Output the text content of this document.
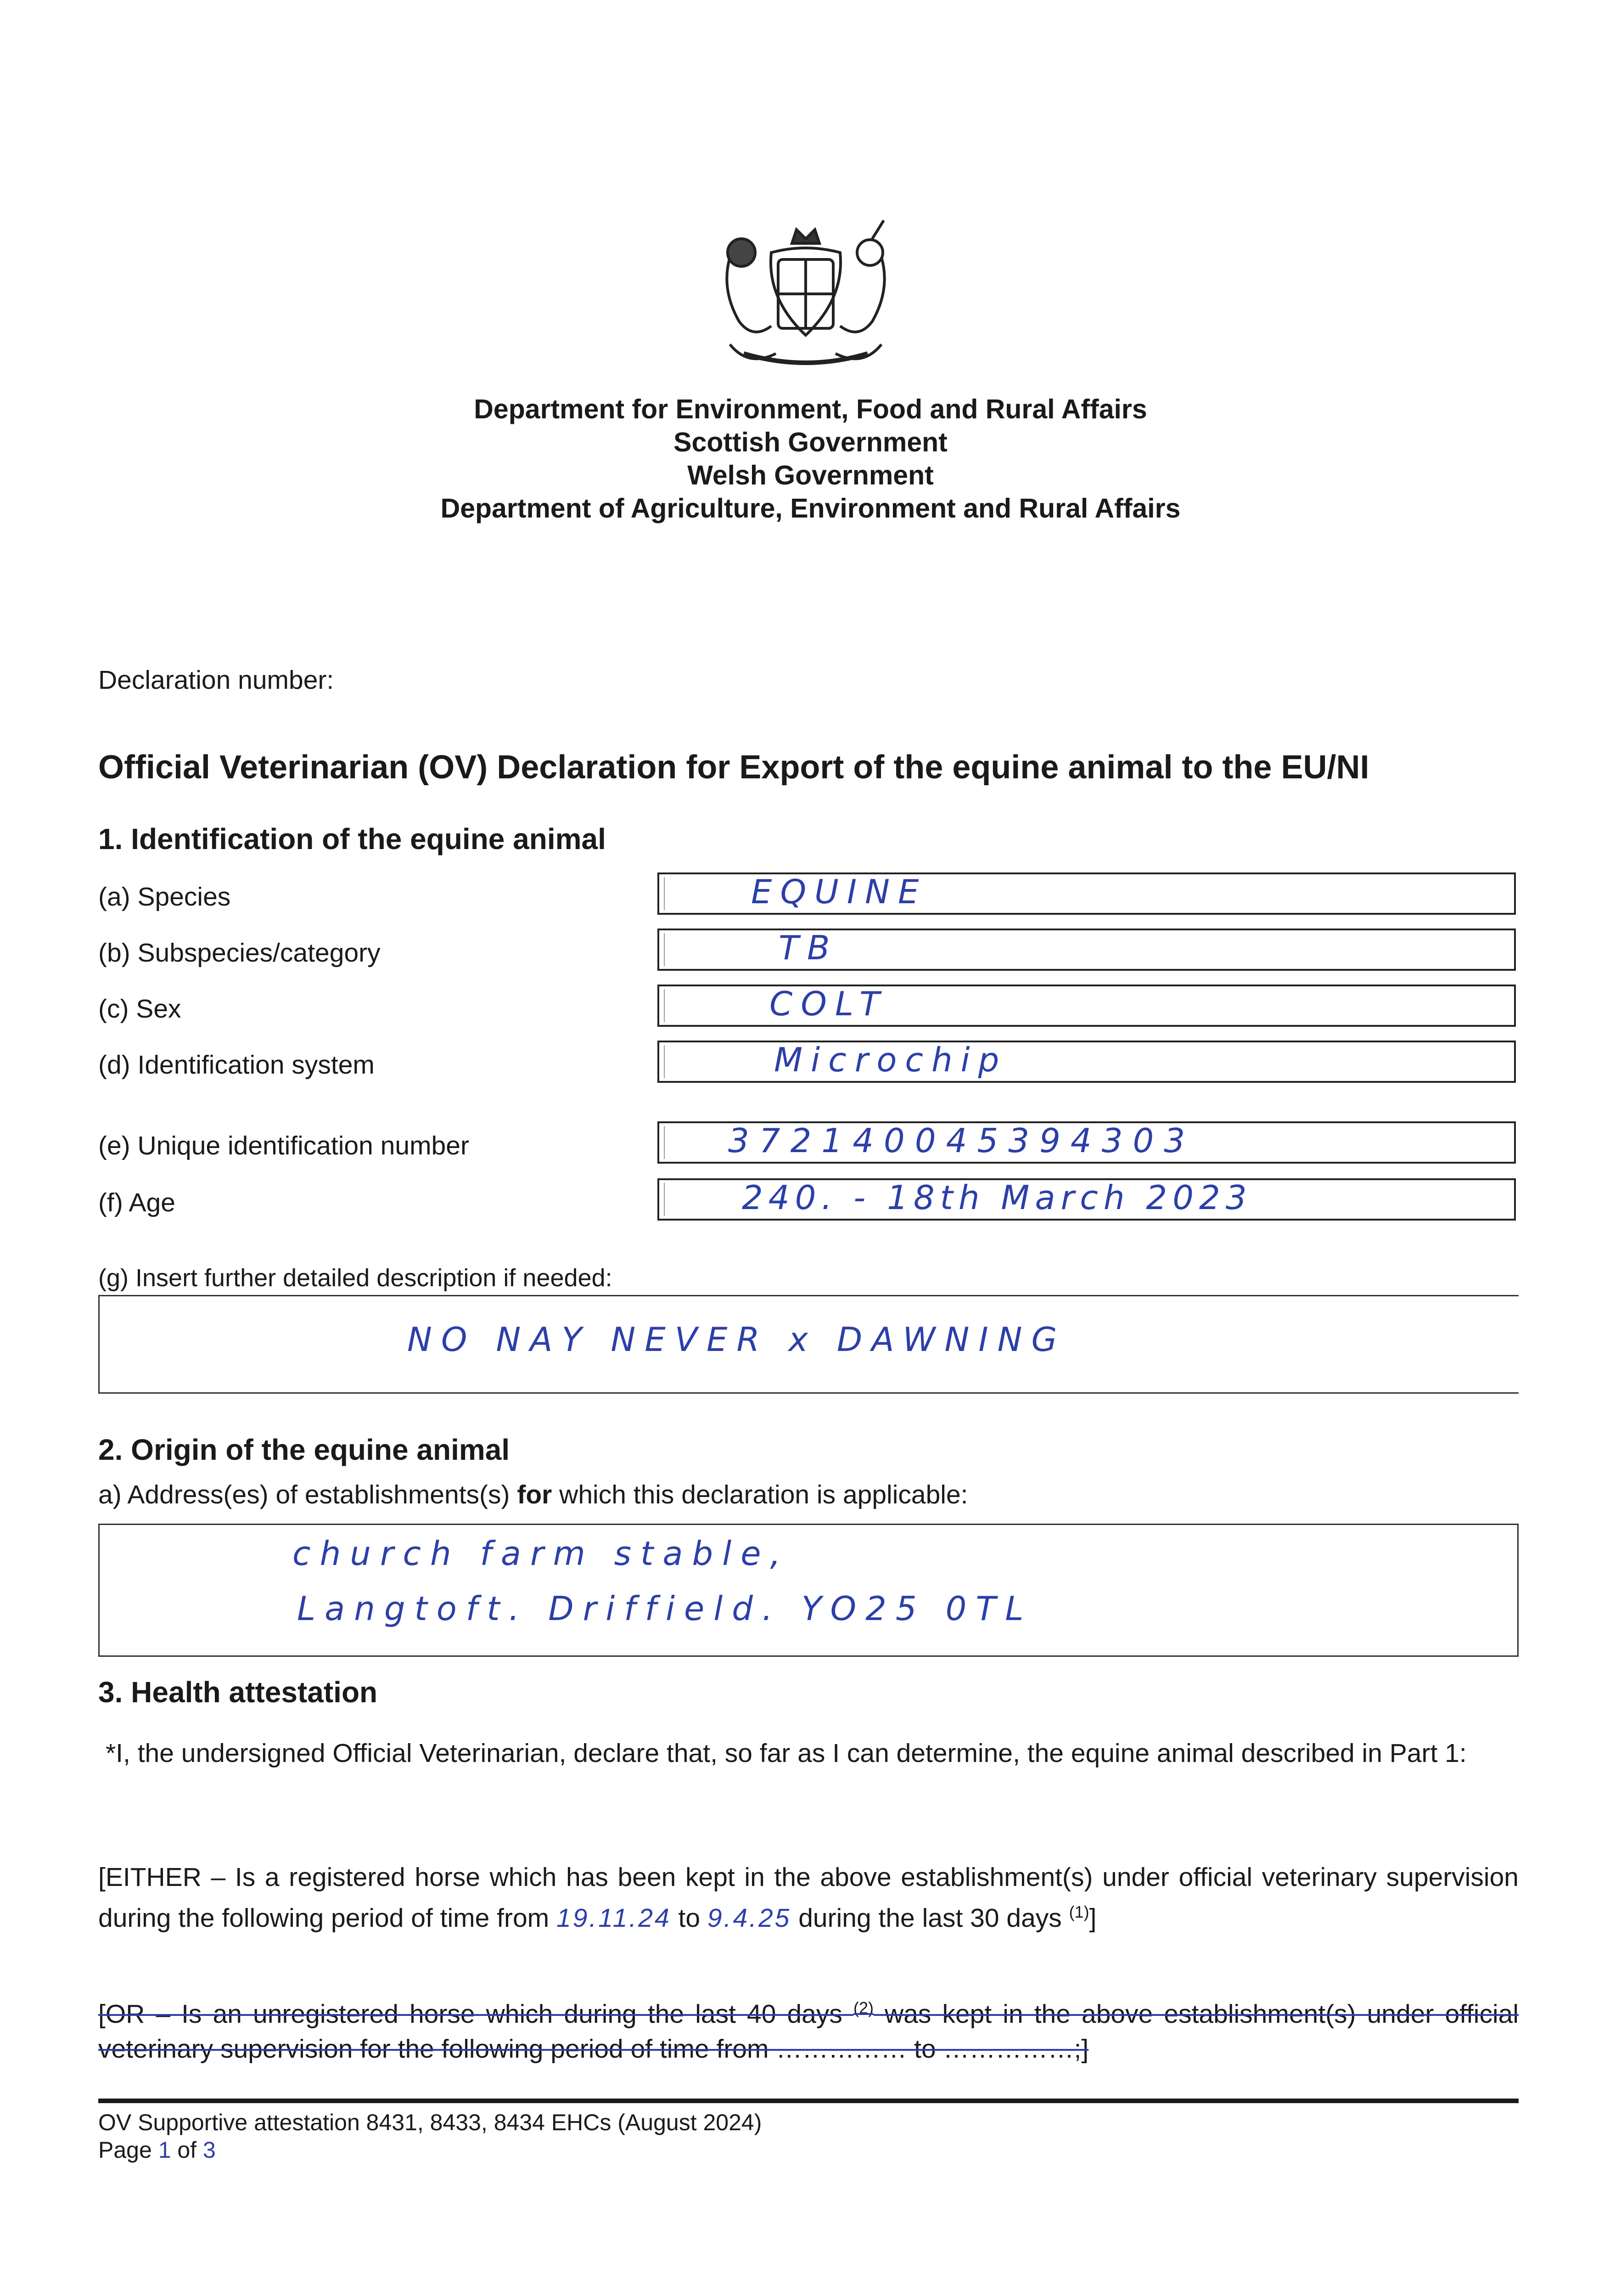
Department for Environment, Food and Rural Affairs
Scottish Government
Welsh Government
Department of Agriculture, Environment and Rural Affairs
Declaration number:
Official Veterinarian (OV) Declaration for Export of the equine animal to the EU/NI
1. Identification of the equine animal
(a) Species	EQUINE
(b) Subspecies/category	TB
(c) Sex	COLT
(d) Identification system	Microchip
(e) Unique identification number	372140045394303
(f) Age	240. - 18th March 2023
(g) Insert further detailed description if needed:
NO NAY NEVER x DAWNING
2. Origin of the equine animal
a) Address(es) of establishments(s) for which this declaration is applicable:
church farm stable,
Langtoft. Driffield. YO25 0TL
3. Health attestation
*I, the undersigned Official Veterinarian, declare that, so far as I can determine, the equine animal described in Part 1:
[EITHER – Is a registered horse which has been kept in the above establishment(s) under official veterinary supervision during the following period of time from 19.11.24 to 9.4.25 during the last 30 days $^{(1)}$]
[OR – Is an unregistered horse which during the last 40 days $^{(2)}$ was kept in the above establishment(s) under official veterinary supervision for the following period of time from …………… to ……………;]
OV Supportive attestation 8431, 8433, 8434 EHCs (August 2024)
Page 1 of 3
